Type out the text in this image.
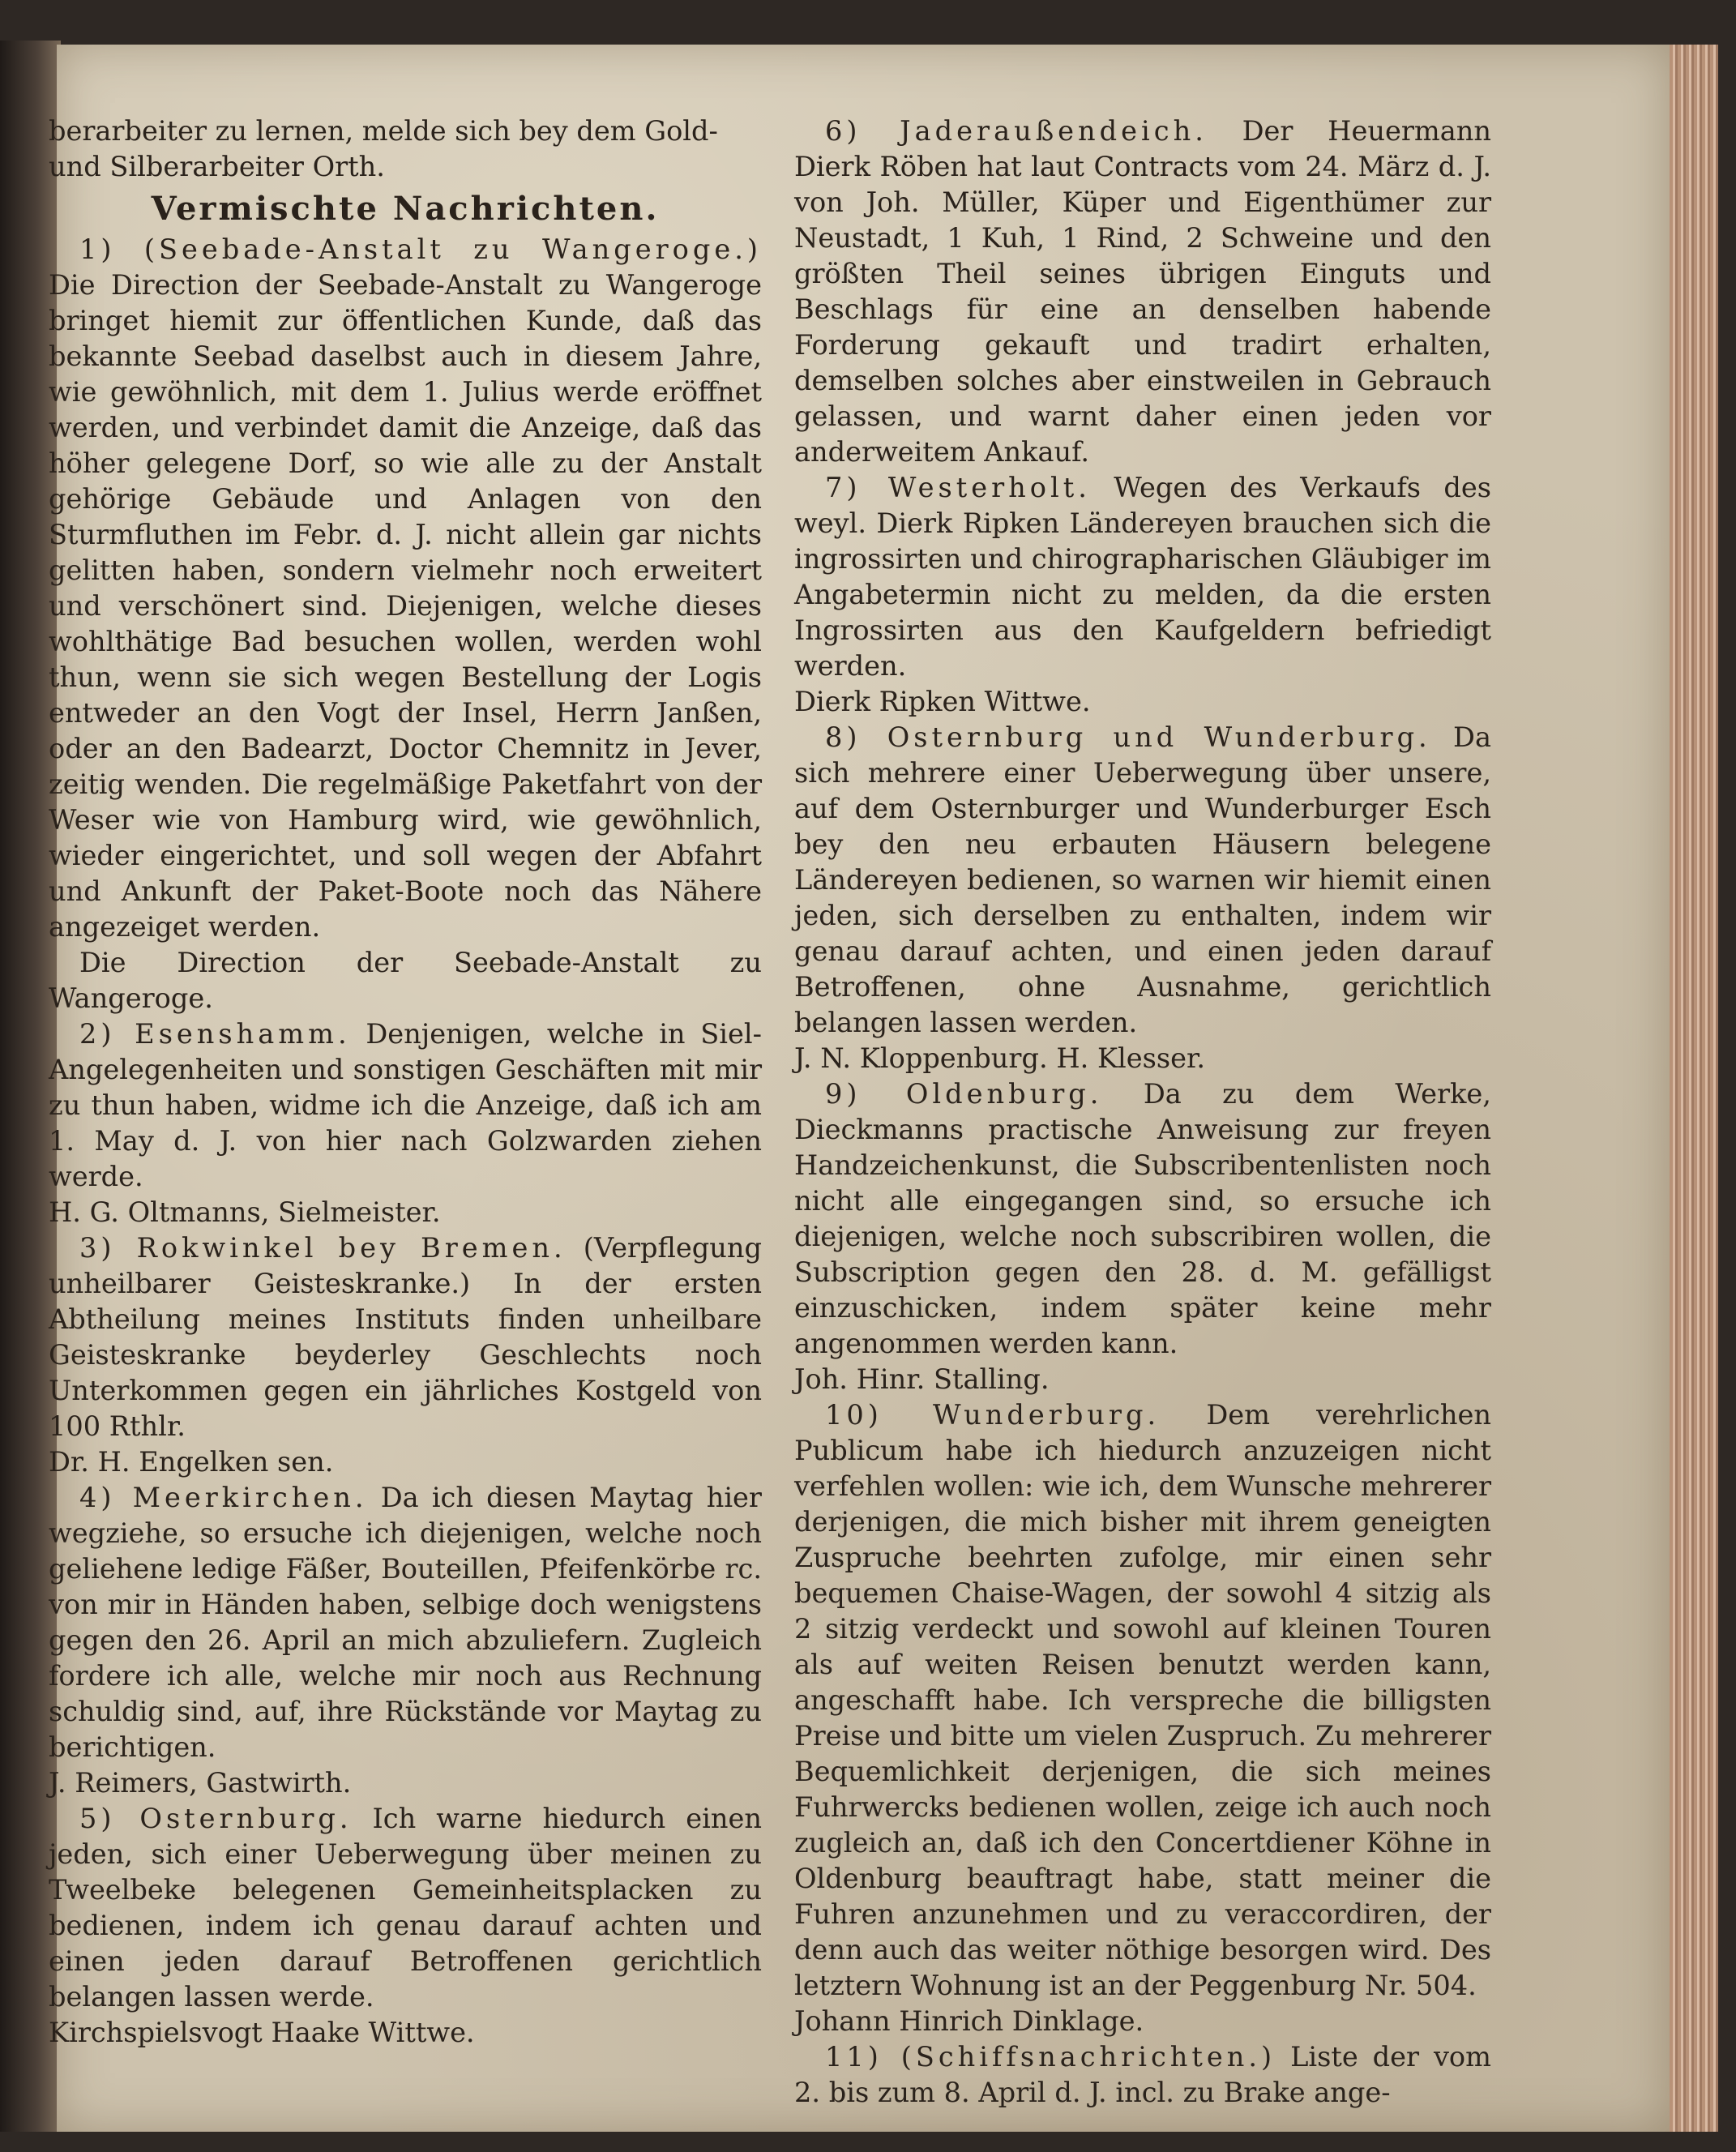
berarbeiter zu lernen, melde sich bey dem Gold-

und Silberarbeiter Orth.

Vermischte Nachrichten.

1) (Seebade-Anstalt zu Wangeroge.) Die Direction der Seebade-Anstalt zu Wangeroge bringet hiemit zur öffentlichen Kunde, daß das bekannte Seebad daselbst auch in diesem Jahre, wie gewöhnlich, mit dem 1. Julius werde eröffnet werden, und verbindet damit die Anzeige, daß das höher gelegene Dorf, so wie alle zu der Anstalt gehörige Gebäude und Anlagen von den Sturmfluthen im Febr. d. J. nicht allein gar nichts gelitten haben, sondern vielmehr noch erweitert und verschönert sind. Diejenigen, welche dieses wohlthätige Bad besuchen wollen, werden wohl thun, wenn sie sich wegen Bestellung der Logis entweder an den Vogt der Insel, Herrn Janßen, oder an den Badearzt, Doctor Chemnitz in Jever, zeitig wenden. Die regelmäßige Paketfahrt von der Weser wie von Hamburg wird, wie gewöhnlich, wieder eingerichtet, und soll wegen der Abfahrt und Ankunft der Paket-Boote noch das Nähere angezeiget werden.

Die Direction der Seebade-Anstalt zu Wangeroge.

2) Esenshamm. Denjenigen, welche in Siel-Angelegenheiten und sonstigen Geschäften mit mir zu thun haben, widme ich die Anzeige, daß ich am 1. May d. J. von hier nach Golzwarden ziehen werde.

H. G. Oltmanns, Sielmeister.

3) Rokwinkel bey Bremen. (Verpflegung unheilbarer Geisteskranke.) In der ersten Abtheilung meines Instituts finden unheilbare Geisteskranke beyderley Geschlechts noch Unterkommen gegen ein jährliches Kostgeld von 100 Rthlr.

Dr. H. Engelken sen.

4) Meerkirchen. Da ich diesen Maytag hier wegziehe, so ersuche ich diejenigen, welche noch geliehene ledige Fäßer, Bouteillen, Pfeifenkörbe rc. von mir in Händen haben, selbige doch wenigstens gegen den 26. April an mich abzuliefern. Zugleich fordere ich alle, welche mir noch aus Rechnung schuldig sind, auf, ihre Rückstände vor Maytag zu berichtigen.

J. Reimers, Gastwirth.

5) Osternburg. Ich warne hiedurch einen jeden, sich einer Ueberwegung über meinen zu Tweelbeke belegenen Gemeinheitsplacken zu bedienen, indem ich genau darauf achten und einen jeden darauf Betroffenen gerichtlich belangen lassen werde.

Kirchspielsvogt Haake Wittwe.

6) Jaderaußendeich. Der Heuermann Dierk Röben hat laut Contracts vom 24. März d. J. von Joh. Müller, Küper und Eigenthümer zur Neustadt, 1 Kuh, 1 Rind, 2 Schweine und den größten Theil seines übrigen Einguts und Beschlags für eine an denselben habende Forderung gekauft und tradirt erhalten, demselben solches aber einstweilen in Gebrauch gelassen, und warnt daher einen jeden vor anderweitem Ankauf.

7) Westerholt. Wegen des Verkaufs des weyl. Dierk Ripken Ländereyen brauchen sich die ingrossirten und chirographarischen Gläubiger im Angabetermin nicht zu melden, da die ersten Ingrossirten aus den Kaufgeldern befriedigt werden.

Dierk Ripken Wittwe.

8) Osternburg und Wunderburg. Da sich mehrere einer Ueberwegung über unsere, auf dem Osternburger und Wunderburger Esch bey den neu erbauten Häusern belegene Ländereyen bedienen, so warnen wir hiemit einen jeden, sich derselben zu enthalten, indem wir genau darauf achten, und einen jeden darauf Betroffenen, ohne Ausnahme, gerichtlich belangen lassen werden.

J. N. Kloppenburg. H. Klesser.

9) Oldenburg. Da zu dem Werke, Dieckmanns practische Anweisung zur freyen Handzeichenkunst, die Subscribentenlisten noch nicht alle eingegangen sind, so ersuche ich diejenigen, welche noch subscribiren wollen, die Subscription gegen den 28. d. M. gefälligst einzuschicken, indem später keine mehr angenommen werden kann.

Joh. Hinr. Stalling.

10) Wunderburg. Dem verehrlichen Publicum habe ich hiedurch anzuzeigen nicht verfehlen wollen: wie ich, dem Wunsche mehrerer derjenigen, die mich bisher mit ihrem geneigten Zuspruche beehrten zufolge, mir einen sehr bequemen Chaise-Wagen, der sowohl 4 sitzig als 2 sitzig verdeckt und sowohl auf kleinen Touren als auf weiten Reisen benutzt werden kann, angeschafft habe. Ich verspreche die billigsten Preise und bitte um vielen Zuspruch. Zu mehrerer Bequemlichkeit derjenigen, die sich meines Fuhrwercks bedienen wollen, zeige ich auch noch zugleich an, daß ich den Concertdiener Köhne in Oldenburg beauftragt habe, statt meiner die Fuhren anzunehmen und zu veraccordiren, der denn auch das weiter nöthige besorgen wird. Des letztern Wohnung ist an der Peggenburg Nr. 504.

Johann Hinrich Dinklage.

11) (Schiffsnachrichten.) Liste der vom 2. bis zum 8. April d. J. incl. zu Brake ange-
